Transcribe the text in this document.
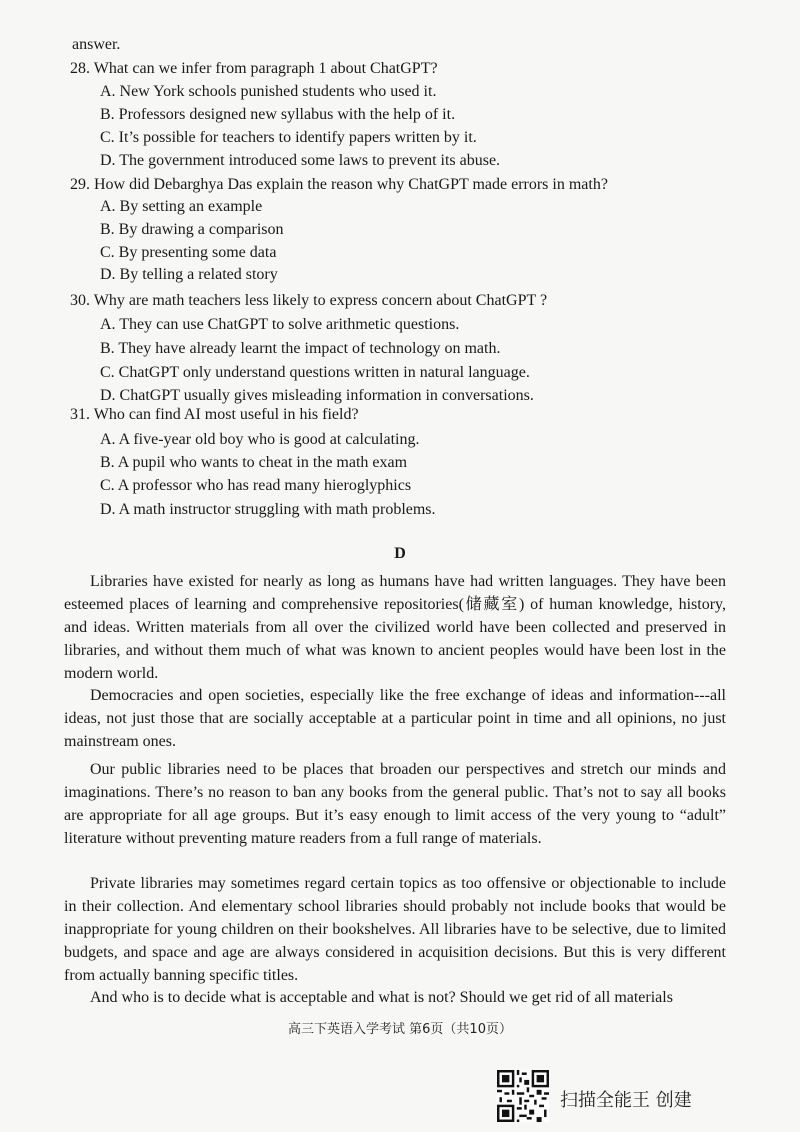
answer.
28. What can we infer from paragraph 1 about ChatGPT?
A. New York schools punished students who used it.
B. Professors designed new syllabus with the help of it.
C. It’s possible for teachers to identify papers written by it.
D. The government introduced some laws to prevent its abuse.
29. How did Debarghya Das explain the reason why ChatGPT made errors in math?
A. By setting an example
B. By drawing a comparison
C. By presenting some data
D. By telling a related story
30. Why are math teachers less likely to express concern about ChatGPT ?
A. They can use ChatGPT to solve arithmetic questions.
B. They have already learnt the impact of technology on math.
C. ChatGPT only understand questions written in natural language.
D. ChatGPT usually gives misleading information in conversations.
31. Who can find AI most useful in his field?
A. A five-year old boy who is good at calculating.
B. A pupil who wants to cheat in the math exam
C. A professor who has read many hieroglyphics
D. A math instructor struggling with math problems.
D
Libraries have existed for nearly as long as humans have had written languages. They have been esteemed places of learning and comprehensive repositories(储藏室) of human knowledge, history, and ideas. Written materials from all over the civilized world have been collected and preserved in libraries, and without them much of what was known to ancient peoples would have been lost in the modern world.
Democracies and open societies, especially like the free exchange of ideas and information---all ideas, not just those that are socially acceptable at a particular point in time and all opinions, no just mainstream ones.
Our public libraries need to be places that broaden our perspectives and stretch our minds and imaginations. There’s no reason to ban any books from the general public. That’s not to say all books are appropriate for all age groups. But it’s easy enough to limit access of the very young to “adult” literature without preventing mature readers from a full range of materials.
Private libraries may sometimes regard certain topics as too offensive or objectionable to include in their collection. And elementary school libraries should probably not include books that would be inappropriate for young children on their bookshelves. All libraries have to be selective, due to limited budgets, and space and age are always considered in acquisition decisions. But this is very different from actually banning specific titles.
And who is to decide what is acceptable and what is not? Should we get rid of all materials
高三下英语入学考试 第6页（共10页）
扫描全能王 创建
